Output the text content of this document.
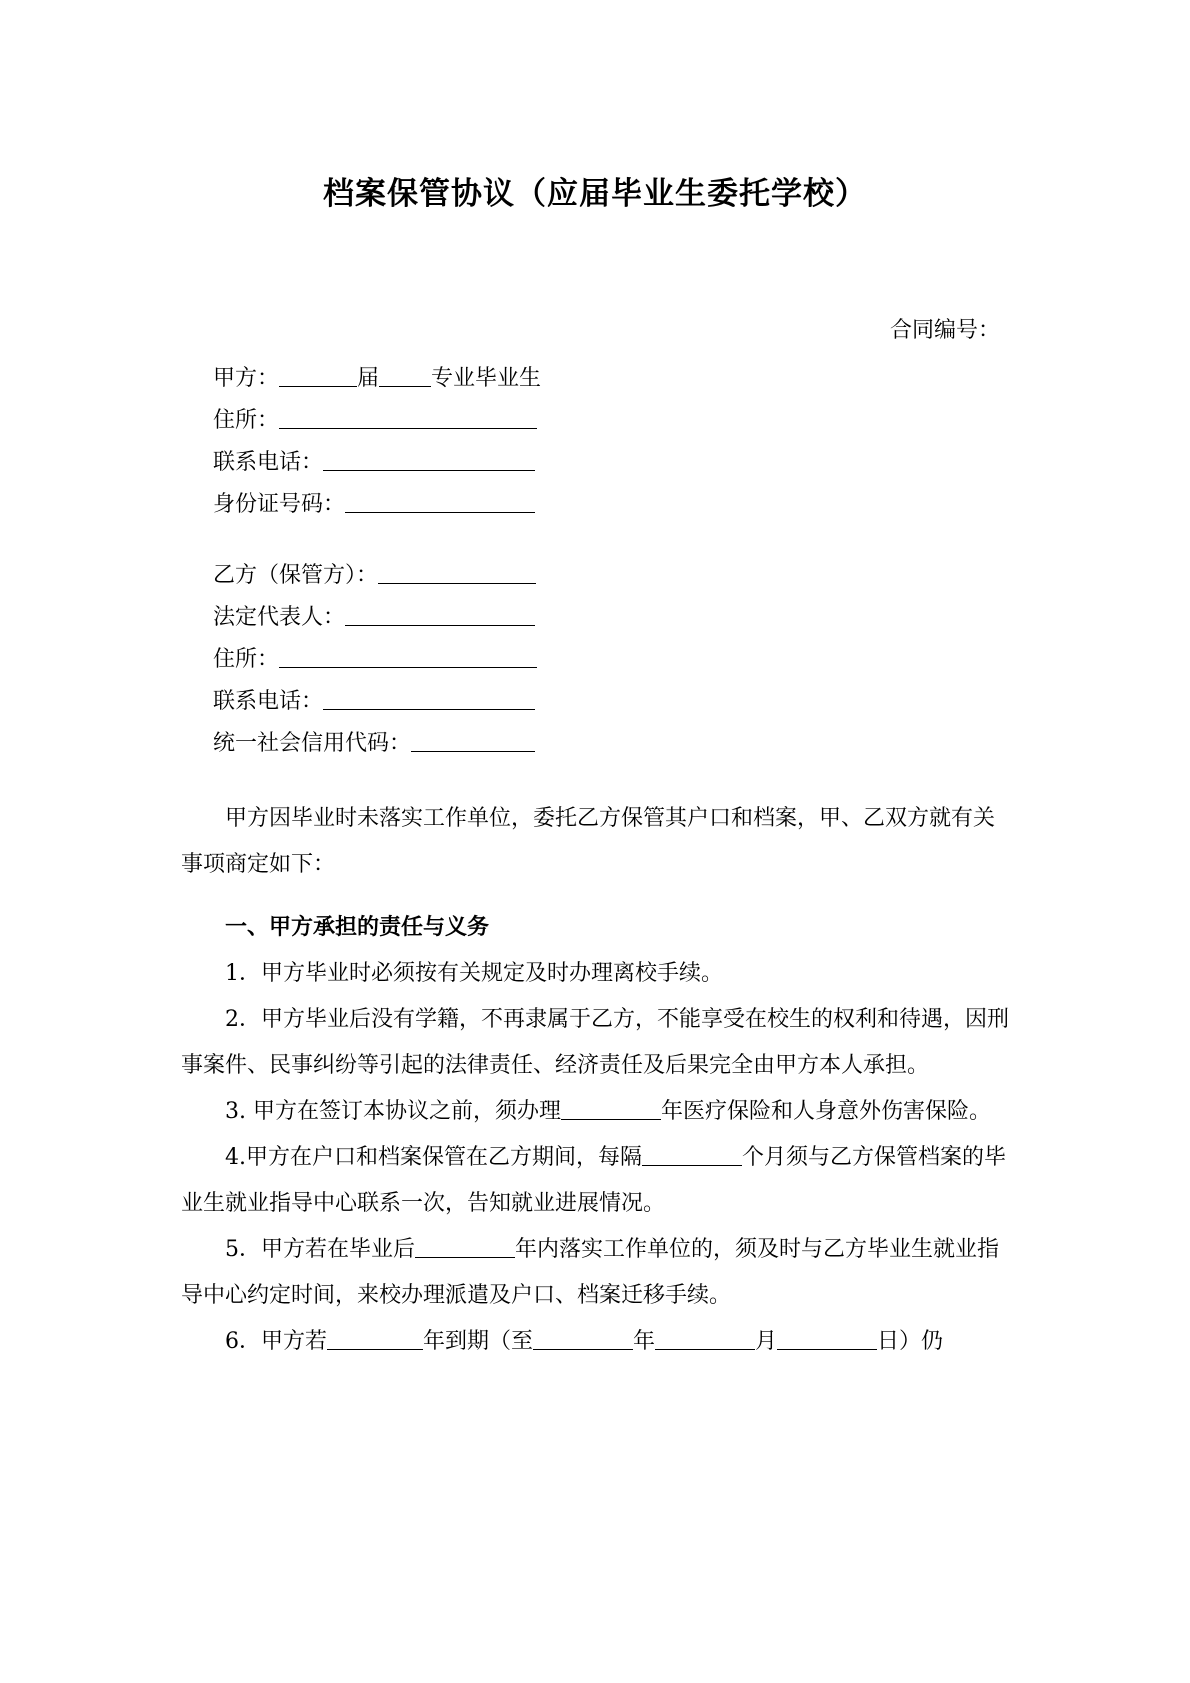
档案保管协议（应届毕业生委托学校）
合同编号：
甲方：	届 专业毕业生
住所：
联系电话：
身份证号码：
乙方（保管方）：
法定代表人：
住所：
联系电话：
统一社会信用代码：

甲方因毕业时未落实工作单位，委托乙方保管其户口和档案，甲、乙双方就有关事项商定如下：

一、甲方承担的责任与义务

1．甲方毕业时必须按有关规定及时办理离校手续。

2．甲方毕业后没有学籍，不再隶属于乙方，不能享受在校生的权利和待遇，因刑事案件、民事纠纷等引起的法律责任、经济责任及后果完全由甲方本人承担。

3. 甲方在签订本协议之前，须办理	年医疗保险和人身意外伤害保险。

4.甲方在户口和档案保管在乙方期间，每隔	个月须与乙方保管档案的毕业生就业指导中心联系一次，告知就业进展情况。

5．甲方若在毕业后	年内落实工作单位的，须及时与乙方毕业生就业指导中心约定时间，来校办理派遣及户口、档案迁移手续。

6．甲方若	年到期（至	年	月	日）仍
